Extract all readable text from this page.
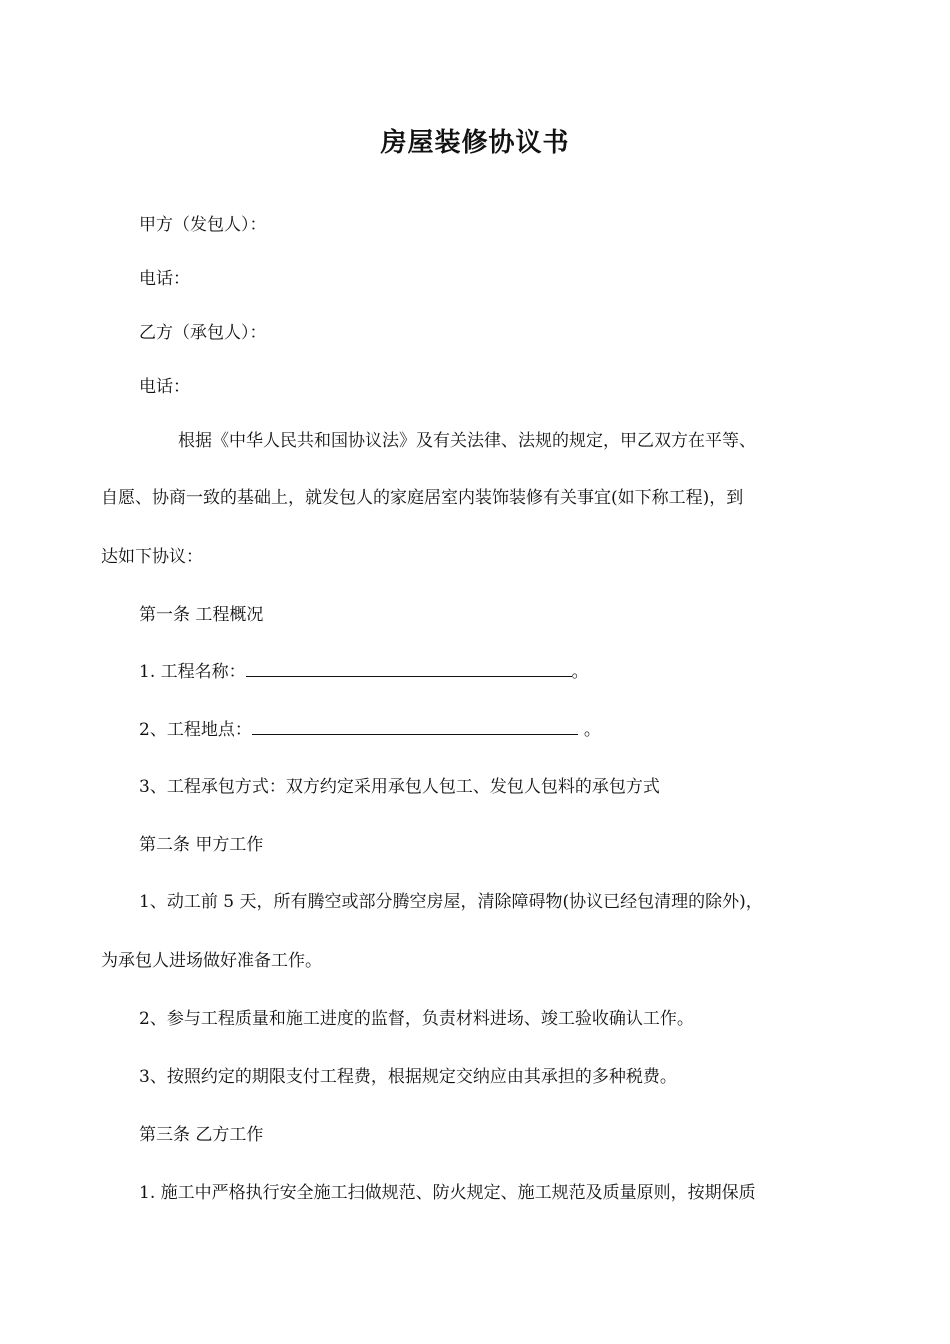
房屋装修协议书
甲方（发包人）：
电话：
乙方（承包人）：
电话：
根据《中华人民共和国协议法》及有关法律、法规的规定，甲乙双方在平等、
自愿、协商一致的基础上，就发包人的家庭居室内装饰装修有关事宜(如下称工程)，到
达如下协议：
第一条 工程概况
1. 工程名称：	。
2、工程地点：	。
3、工程承包方式：双方约定采用承包人包工、发包人包料的承包方式
第二条 甲方工作
1、动工前 5 天，所有腾空或部分腾空房屋，清除障碍物(协议已经包清理的除外)，
为承包人进场做好准备工作。
2、参与工程质量和施工进度的监督，负责材料进场、竣工验收确认工作。
3、按照约定的期限支付工程费，根据规定交纳应由其承担的多种税费。
第三条 乙方工作
1. 施工中严格执行安全施工扫做规范、防火规定、施工规范及质量原则，按期保质
